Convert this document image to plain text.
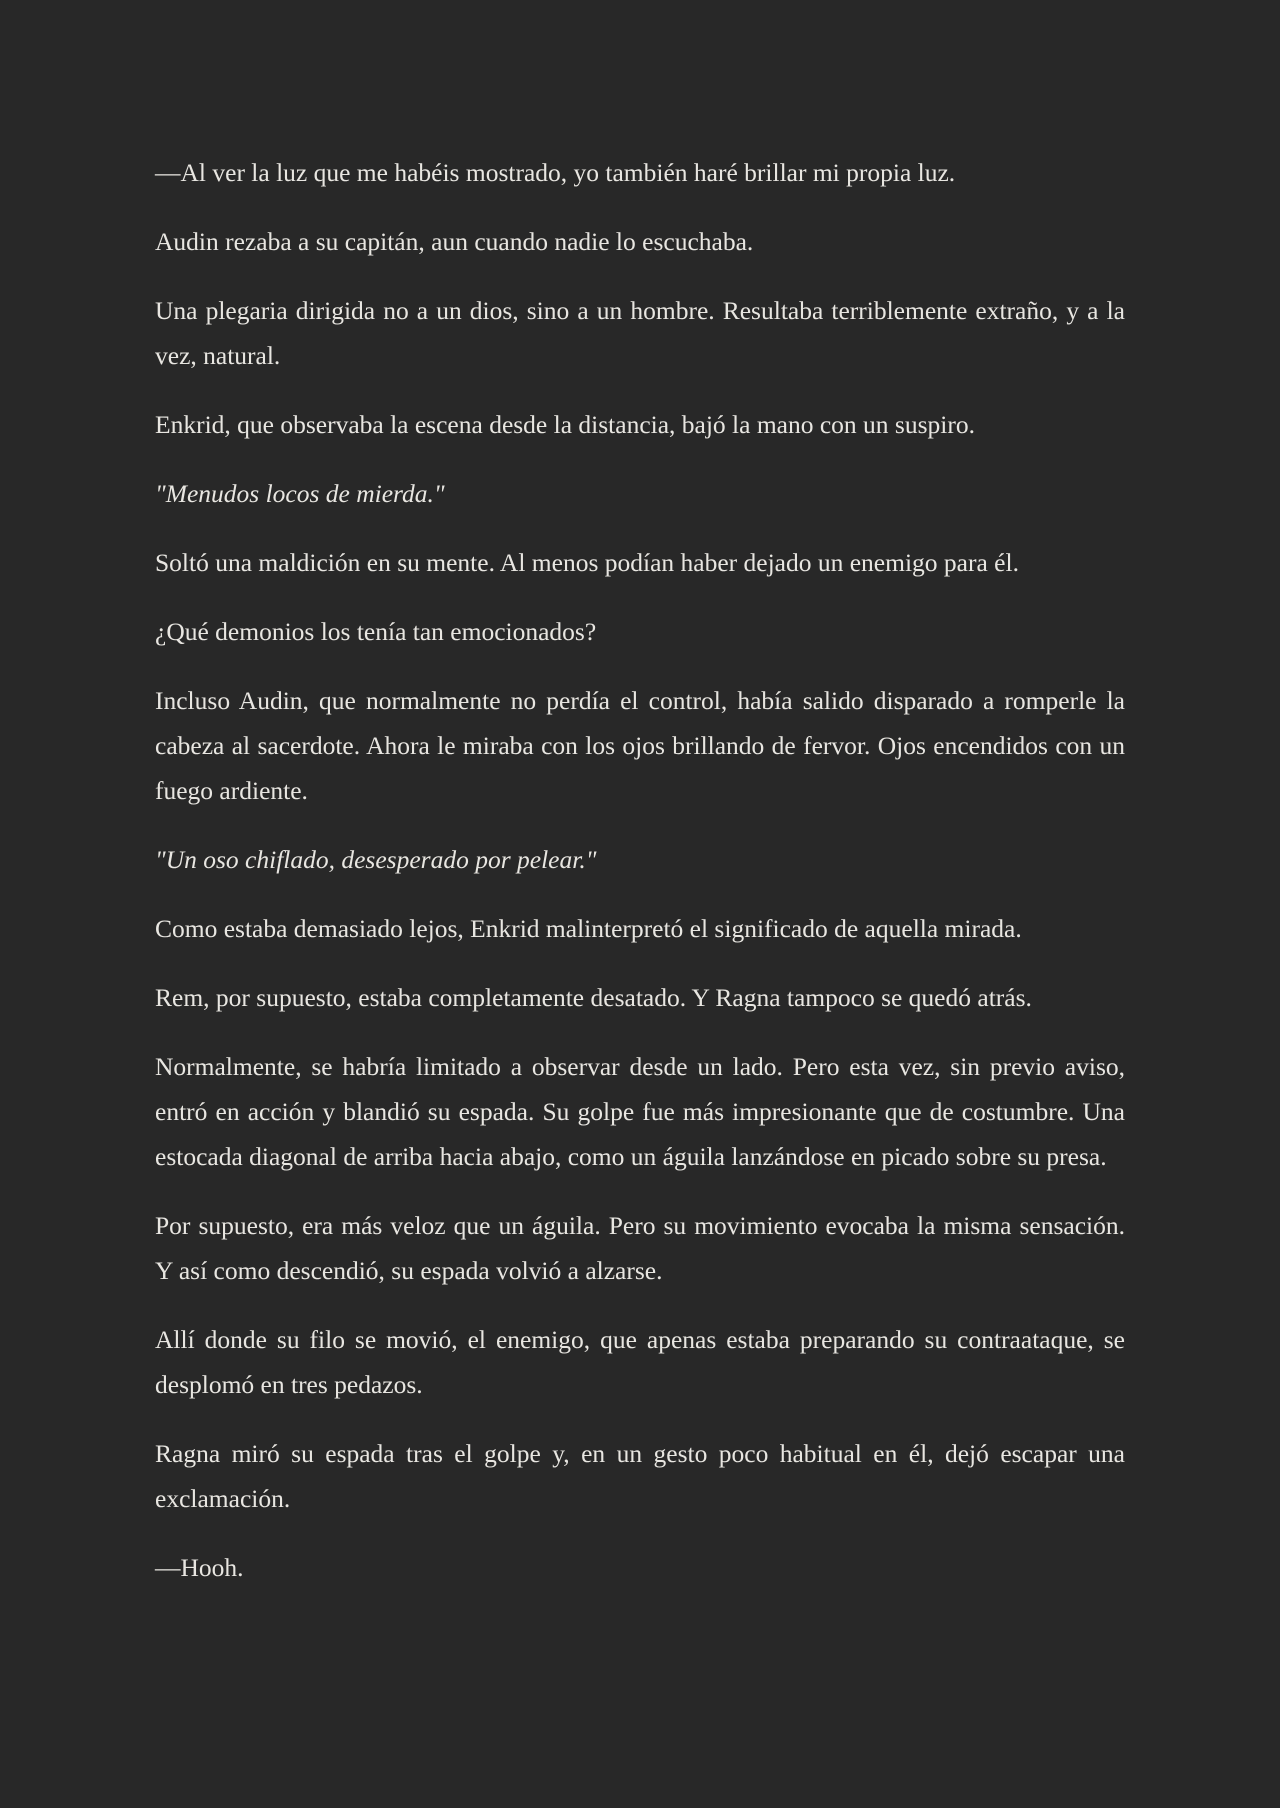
—Al ver la luz que me habéis mostrado, yo también haré brillar mi propia luz.

Audin rezaba a su capitán, aun cuando nadie lo escuchaba.

Una plegaria dirigida no a un dios, sino a un hombre. Resultaba terriblemente extraño, y a la vez, natural.

Enkrid, que observaba la escena desde la distancia, bajó la mano con un suspiro.

"Menudos locos de mierda."

Soltó una maldición en su mente. Al menos podían haber dejado un enemigo para él.

¿Qué demonios los tenía tan emocionados?

Incluso Audin, que normalmente no perdía el control, había salido disparado a romperle la cabeza al sacerdote. Ahora le miraba con los ojos brillando de fervor. Ojos encendidos con un fuego ardiente.

"Un oso chiflado, desesperado por pelear."

Como estaba demasiado lejos, Enkrid malinterpretó el significado de aquella mirada.

Rem, por supuesto, estaba completamente desatado. Y Ragna tampoco se quedó atrás.

Normalmente, se habría limitado a observar desde un lado. Pero esta vez, sin previo aviso, entró en acción y blandió su espada. Su golpe fue más impresionante que de costumbre. Una estocada diagonal de arriba hacia abajo, como un águila lanzándose en picado sobre su presa.

Por supuesto, era más veloz que un águila. Pero su movimiento evocaba la misma sensación. Y así como descendió, su espada volvió a alzarse.

Allí donde su filo se movió, el enemigo, que apenas estaba preparando su contraataque, se desplomó en tres pedazos.

Ragna miró su espada tras el golpe y, en un gesto poco habitual en él, dejó escapar una exclamación.

—Hooh.
